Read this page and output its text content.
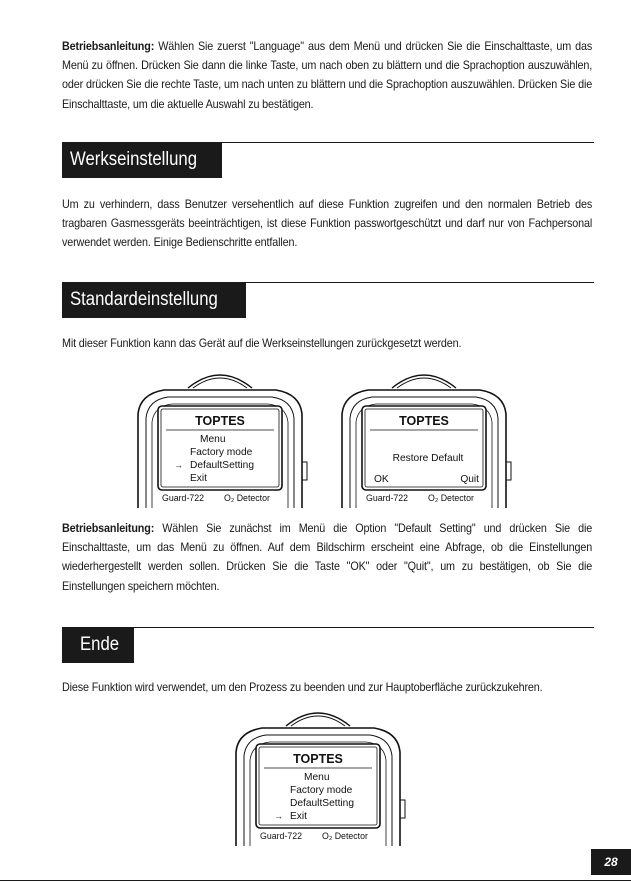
Betriebsanleitung: Wählen Sie zuerst "Language" aus dem Menü und drücken Sie die Einschalttaste, um das Menü zu öffnen. Drücken Sie dann die linke Taste, um nach oben zu blättern und die Sprachoption auszuwählen, oder drücken Sie die rechte Taste, um nach unten zu blättern und die Sprachoption auszuwählen. Drücken Sie die Einschalttaste, um die aktuelle Auswahl zu bestätigen.

Werkseinstellung

Um zu verhindern, dass Benutzer versehentlich auf diese Funktion zugreifen und den normalen Betrieb des tragbaren Gasmessgeräts beeinträchtigen, ist diese Funktion passwortgeschützt und darf nur von Fachpersonal verwendet werden. Einige Bedienschritte entfallen.

Standardeinstellung

Mit dieser Funktion kann das Gerät auf die Werkseinstellungen zurückgesetzt werden.

TOPTES
Menu
Factory mode
→ DefaultSetting
Exit
Guard-722 O₂ Detector
TOPTES
Restore Default
OK	Quit
Guard-722 O₂ Detector

Betriebsanleitung: Wählen Sie zunächst im Menü die Option "Default Setting" und drücken Sie die Einschalttaste, um das Menü zu öffnen. Auf dem Bildschirm erscheint eine Abfrage, ob die Einstellungen wiederhergestellt werden sollen. Drücken Sie die Taste "OK" oder "Quit", um zu bestätigen, ob Sie die Einstellungen speichern möchten.

Ende

Diese Funktion wird verwendet, um den Prozess zu beenden und zur Hauptoberfläche zurückzukehren.

TOPTES
Menu
Factory mode
DefaultSetting
→ Exit
Guard-722 O₂ Detector
28
